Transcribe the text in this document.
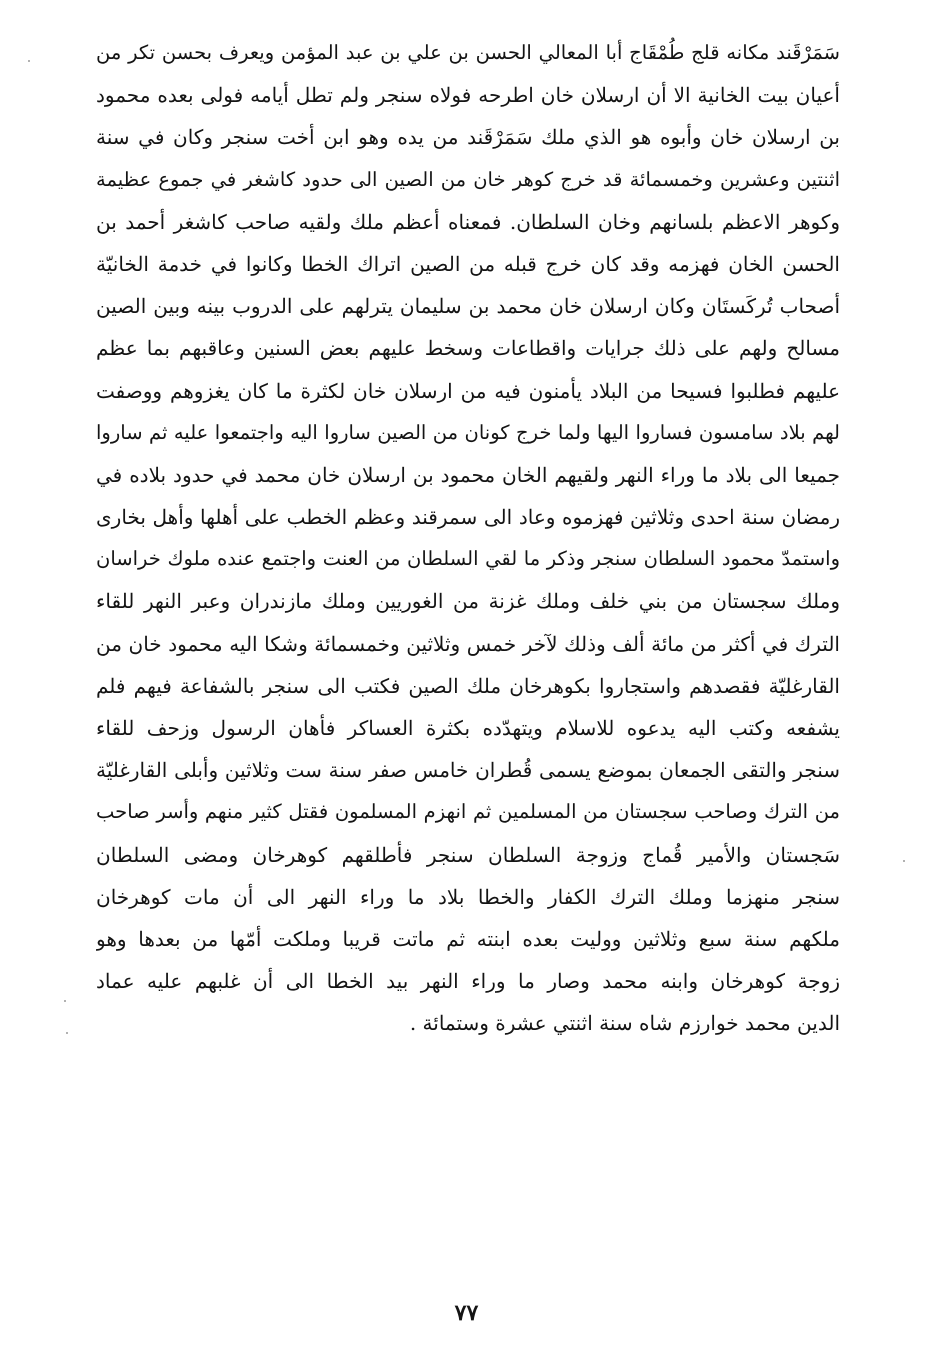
سَمَرْقَند مكانه قلج طُمْقَاج أبا المعالي الحسن بن علي بن عبد المؤمن ويعرف بحسن تكر من
أعيان بيت الخانية الا أن ارسلان خان اطرحه فولاه سنجر ولم تطل أيامه فولى بعده محمود
بن ارسلان خان وأبوه هو الذي ملك سَمَرْقَند من يده وهو ابن أخت سنجر وكان في سنة
اثنتين وعشرين وخمسمائة قد خرج كوهر خان من الصين الى حدود كاشغر في جموع عظيمة
وكوهر الاعظم بلسانهم وخان السلطان. فمعناه أعظم ملك ولقيه صاحب كاشغر أحمد بن
الحسن الخان فهزمه وقد كان خرج قبله من الصين اتراك الخطا وكانوا في خدمة الخانيّة
أصحاب تُركَستَان وكان ارسلان خان محمد بن سليمان يترلهم على الدروب بينه وبين الصين
مسالح ولهم على ذلك جرايات واقطاعات وسخط عليهم بعض السنين وعاقبهم بما عظم
عليهم فطلبوا فسيحا من البلاد يأمنون فيه من ارسلان خان لكثرة ما كان يغزوهم ووصفت
لهم بلاد سامسون فساروا اليها ولما خرج كونان من الصين ساروا اليه واجتمعوا عليه ثم ساروا
جميعا الى بلاد ما وراء النهر ولقيهم الخان محمود بن ارسلان خان محمد في حدود بلاده في
رمضان سنة احدى وثلاثين فهزموه وعاد الى سمرقند وعظم الخطب على أهلها وأهل بخارى
واستمدّ محمود السلطان سنجر وذكر ما لقي السلطان من العنت واجتمع عنده ملوك خراسان
وملك سجستان من بني خلف وملك غزنة من الغوريين وملك مازندران وعبر النهر للقاء
الترك في أكثر من مائة ألف وذلك لآخر خمس وثلاثين وخمسمائة وشكا اليه محمود خان من
القارغليّة فقصدهم واستجاروا بكوهرخان ملك الصين فكتب الى سنجر بالشفاعة فيهم فلم
يشفعه وكتب اليه يدعوه للاسلام ويتهدّده بكثرة العساكر فأهان الرسول وزحف للقاء
سنجر والتقى الجمعان بموضع يسمى قُطران خامس صفر سنة ست وثلاثين وأبلى القارغليّة
من الترك وصاحب سجستان من المسلمين ثم انهزم المسلمون فقتل كثير منهم وأسر صاحب
سَجستان والأمير قُماج وزوجة السلطان سنجر فأطلقهم كوهرخان ومضى السلطان
سنجر منهزما وملك الترك الكفار والخطا بلاد ما وراء النهر الى أن مات كوهرخان
ملكهم سنة سبع وثلاثين ووليت بعده ابنته ثم ماتت قريبا وملكت أمّها من بعدها وهو
زوجة كوهرخان وابنه محمد وصار ما وراء النهر بيد الخطا الى أن غلبهم عليه عماد
الدين محمد خوارزم شاه سنة اثنتي عشرة وستمائة .
٧٧
